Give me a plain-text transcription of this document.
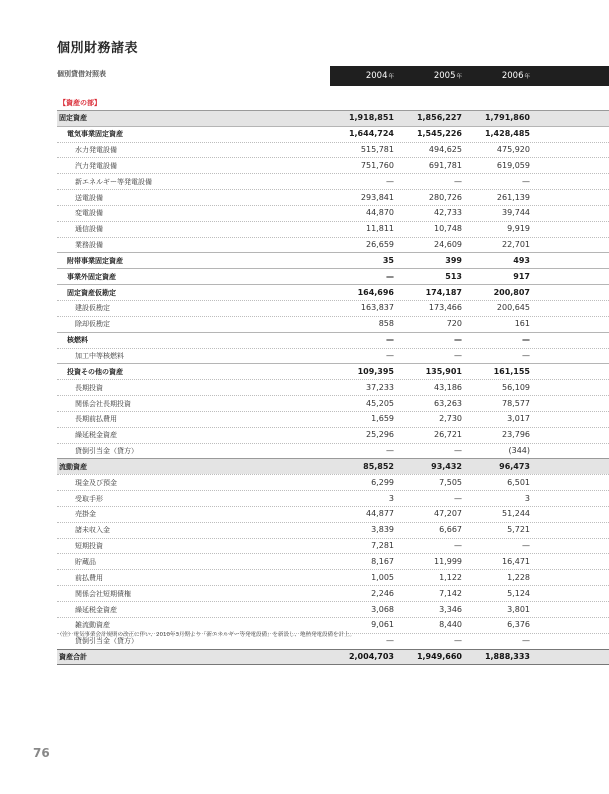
個別財務諸表
個別貸借対照表	2004年	2005年	2006年
【資産の部】
固定資産	1,918,851	1,856,227	1,791,860
電気事業固定資産	1,644,724	1,545,226	1,428,485
水力発電設備	515,781	494,625	475,920
汽力発電設備	751,760	691,781	619,059
新エネルギー等発電設備	—	—	—
送電設備	293,841	280,726	261,139
変電設備	44,870	42,733	39,744
通信設備	11,811	10,748	9,919
業務設備	26,659	24,609	22,701
附帯事業固定資産	35	399	493
事業外固定資産	—	513	917
固定資産仮勘定	164,696	174,187	200,807
建設仮勘定	163,837	173,466	200,645
除却仮勘定	858	720	161
核燃料	—	—	—
加工中等核燃料	—	—	—
投資その他の資産	109,395	135,901	161,155
長期投資	37,233	43,186	56,109
関係会社長期投資	45,205	63,263	78,577
長期前払費用	1,659	2,730	3,017
繰延税金資産	25,296	26,721	23,796
貸倒引当金（貸方）	—	—	(344)
流動資産	85,852	93,432	96,473
現金及び預金	6,299	7,505	6,501
受取手形	3	—	3
売掛金	44,877	47,207	51,244
諸未収入金	3,839	6,667	5,721
短期投資	7,281	—	—
貯蔵品	8,167	11,999	16,471
前払費用	1,005	1,122	1,228
関係会社短期債権	2,246	7,142	5,124
繰延税金資産	3,068	3,346	3,801
雑流動資産	9,061	8,440	6,376
貸倒引当金（貸方）	—	—	—
資産合計	2,004,703	1,949,660	1,888,333
（注）電気事業会計規則の改正に伴い、2010年3月期より「新エネルギー等発電設備」を新設し、地熱発電設備を計上。
76
